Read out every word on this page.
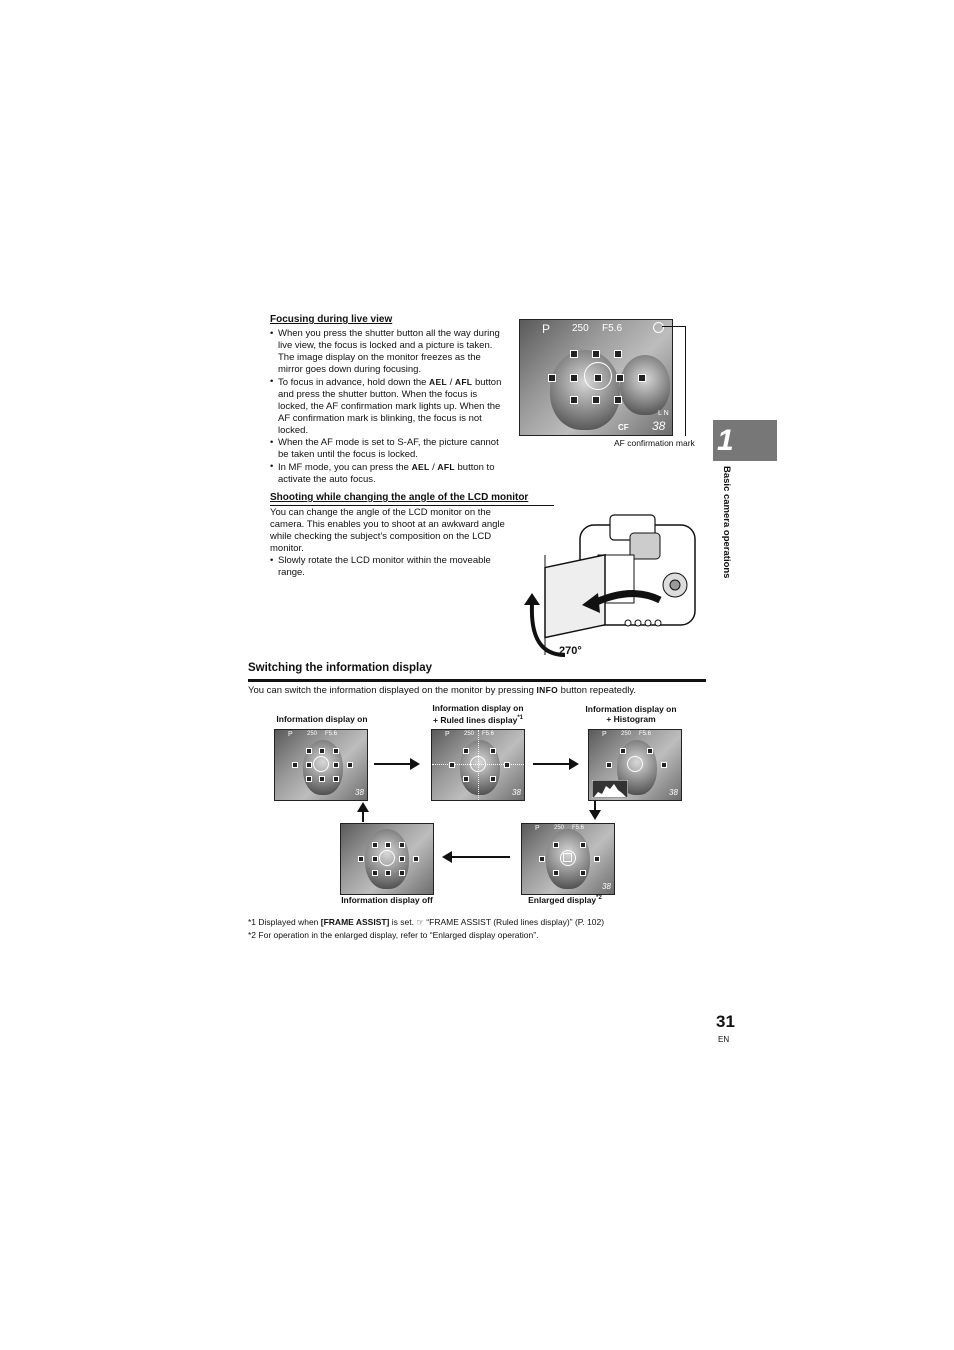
Focusing during live view
• When you press the shutter button all the way during live view, the focus is locked and a picture is taken. The image display on the monitor freezes as the mirror goes down during focusing.
• To focus in advance, hold down the AEL / AFL button and press the shutter button. When the focus is locked, the AF confirmation mark lights up. When the AF confirmation mark is blinking, the focus is not locked.
• When the AF mode is set to S-AF, the picture cannot be taken until the focus is locked.
• In MF mode, you can press the AEL / AFL button to activate the auto focus.
P 250 F5.6
L N
CF 38
AF confirmation mark
Shooting while changing the angle of the LCD monitor
You can change the angle of the LCD monitor on the camera. This enables you to shoot at an awkward angle while checking the subject’s composition on the LCD monitor.
• Slowly rotate the LCD monitor within the moveable range.
270°
Switching the information display
You can switch the information displayed on the monitor by pressing INFO button repeatedly.
Information display on
Information display on
+ Ruled lines display$^{*1}$
Information display on
+ Histogram
P 250 F5.6
38
P 250 F5.6
38
P 250 F5.6
38
P 250 F5.6
38
Information display off	Enlarged display$^{*2}$
*1 Displayed when [FRAME ASSIST] is set. ☞ “FRAME ASSIST (Ruled lines display)” (P. 102)
*2 For operation in the enlarged display, refer to “Enlarged display operation”.
1
Basic camera operations
31
EN
